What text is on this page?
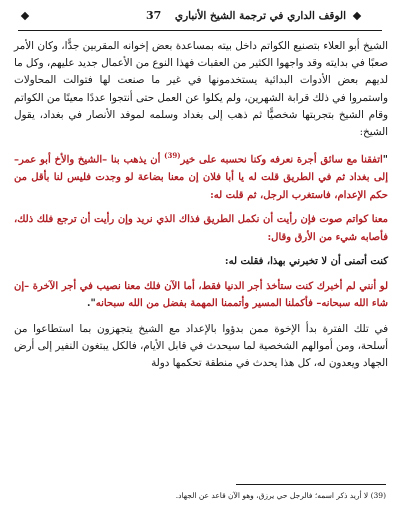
الوقف الداري في ترجمة الشيخ الأنباري
37

الشيخ أبو العلاء بتصنيع الكواتم داخل بيته بمساعدة بعض إخوانه المقربين جدًّا، وكان الأمر صعبًا في بدايته وقد واجهوا الكثير من العقبات فهذا النوع من الأعمال جديد عليهم، وكل ما لديهم بعض الأدوات البدائية يستخدمونها في غير ما صنعت لها فتوالت المحاولات واستمروا في ذلك قرابة الشهرين، ولم يكلوا عن العمل حتى أنتجوا عددًا معينًا من الكواتم وقام الشيخ بتجربتها شخصيًّا ثم ذهب إلى بغداد وسلمه لموفد الأنصار في بغداد، يقول الشيخ:

"اتفقنا مع سائق أجرة نعرفه وكنا نحسبه على خير$^{(39)}$ أن يذهب بنا –الشيخ والأخ أبو عمر– إلى بغداد ثم في الطريق قلت له يا أبا فلان إن معنا بضاعة لو وجدت فليس لنا بأقل من حكم الإعدام، فاستغرب الرجل، ثم قلت له:

معنا كواتم صوت فإن رأيت أن نكمل الطريق فذاك الذي نريد وإن رأيت أن ترجع فلك ذلك، فأصابه شيء من الأرق وقال:

كنت أتمنى أن لا تخبرني بهذا، فقلت له:

لو أنني لم أخبرك كنت ستأخذ أجر الدنيا فقط، أما الآن فلك معنا نصيب في أجر الآخرة –إن شاء الله سبحانه– فأكملنا المسير وأتممنا المهمة بفضل من الله سبحانه".

في تلك الفترة بدأ الإخوة ممن بدؤوا بالإعداد مع الشيخ يتجهزون بما استطاعوا من أسلحة، ومن أموالهم الشخصية لما سيحدث في قابل الأيام، فالكل يبتغون النفير إلى أرض الجهاد ويعدون له، كل هذا يحدث في منطقة تحكمها دولة

(39) لا أريد ذكر اسمه؛ فالرجل حي يرزق، وهو الآن قاعد عن الجهاد.
